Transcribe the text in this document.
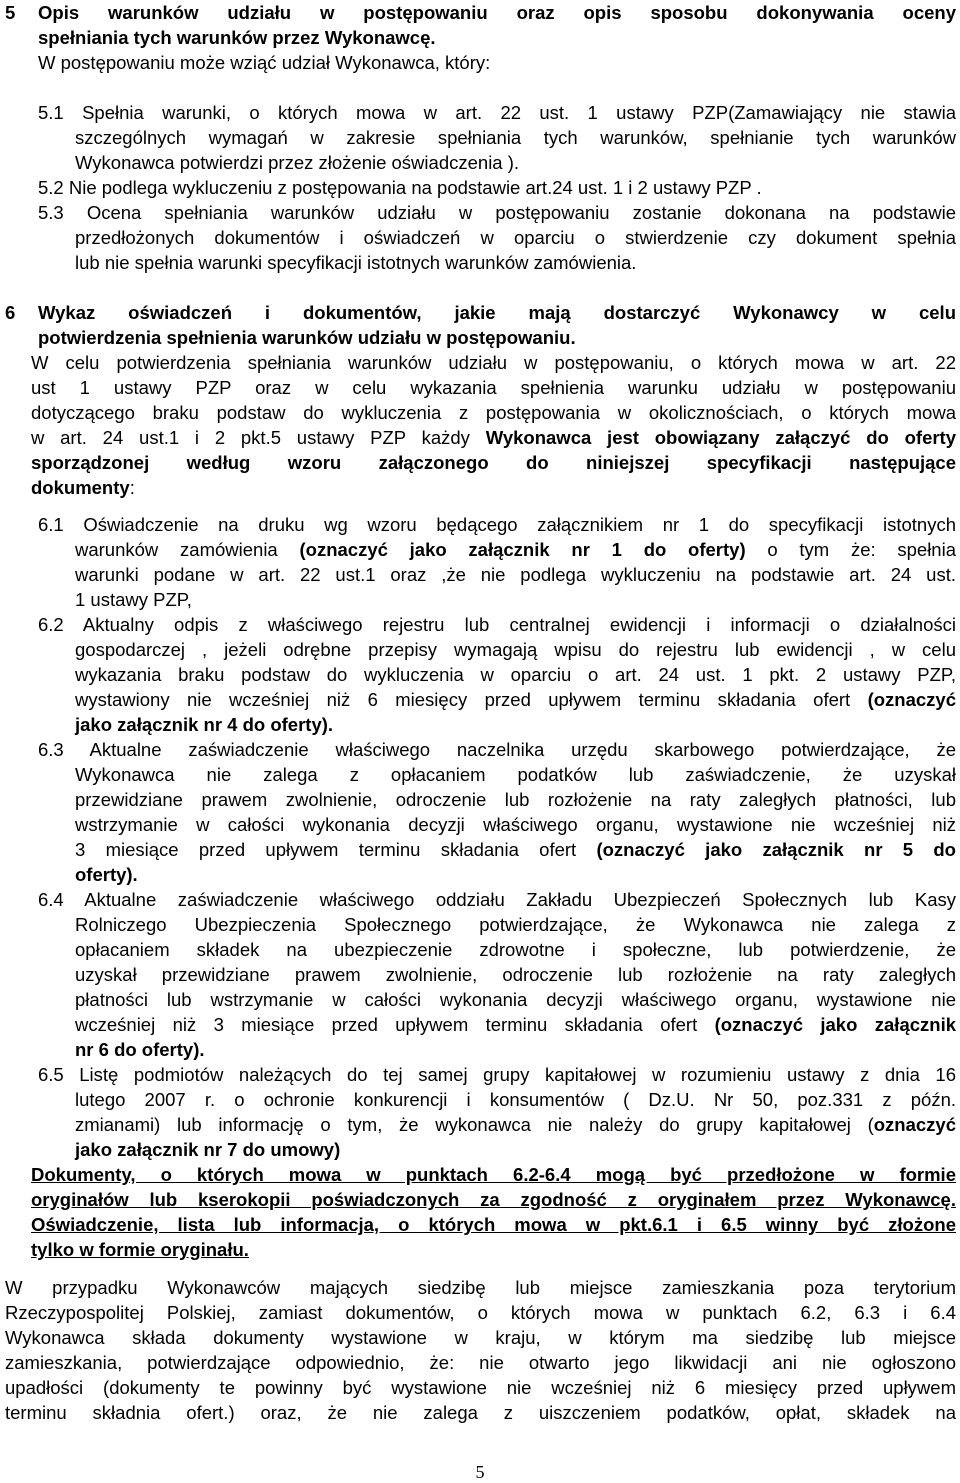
5 Opis warunków udziału w postępowaniu oraz opis sposobu dokonywania oceny
spełniania tych warunków przez Wykonawcę.
W postępowaniu może wziąć udział Wykonawca, który:
5.1 Spełnia warunki, o których mowa w art. 22 ust. 1 ustawy PZP(Zamawiający nie stawia
szczególnych wymagań w zakresie spełniania tych warunków, spełnianie tych warunków
Wykonawca potwierdzi przez złożenie oświadczenia ).
5.2 Nie podlega wykluczeniu z postępowania na podstawie art.24 ust. 1 i 2 ustawy PZP .
5.3 Ocena spełniania warunków udziału w postępowaniu zostanie dokonana na podstawie
przedłożonych dokumentów i oświadczeń w oparciu o stwierdzenie czy dokument spełnia
lub nie spełnia warunki specyfikacji istotnych warunków zamówienia.
6 Wykaz oświadczeń i dokumentów, jakie mają dostarczyć Wykonawcy w celu
potwierdzenia spełnienia warunków udziału w postępowaniu.
W celu potwierdzenia spełniania warunków udziału w postępowaniu, o których mowa w art. 22
ust 1 ustawy PZP oraz w celu wykazania spełnienia warunku udziału w postępowaniu
dotyczącego braku podstaw do wykluczenia z postępowania w okolicznościach, o których mowa
w art. 24 ust.1 i 2 pkt.5 ustawy PZP każdy Wykonawca jest obowiązany załączyć do oferty
sporządzonej według wzoru załączonego do niniejszej specyfikacji następujące
dokumenty:
6.1 Oświadczenie na druku wg wzoru będącego załącznikiem nr 1 do specyfikacji istotnych
warunków zamówienia (oznaczyć jako załącznik nr 1 do oferty) o tym że: spełnia
warunki podane w art. 22 ust.1 oraz ,że nie podlega wykluczeniu na podstawie art. 24 ust.
1 ustawy PZP,
6.2 Aktualny odpis z właściwego rejestru lub centralnej ewidencji i informacji o działalności
gospodarczej , jeżeli odrębne przepisy wymagają wpisu do rejestru lub ewidencji , w celu
wykazania braku podstaw do wykluczenia w oparciu o art. 24 ust. 1 pkt. 2 ustawy PZP,
wystawiony nie wcześniej niż 6 miesięcy przed upływem terminu składania ofert (oznaczyć
jako załącznik nr 4 do oferty).
6.3 Aktualne zaświadczenie właściwego naczelnika urzędu skarbowego potwierdzające, że
Wykonawca nie zalega z opłacaniem podatków lub zaświadczenie, że uzyskał
przewidziane prawem zwolnienie, odroczenie lub rozłożenie na raty zaległych płatności, lub
wstrzymanie w całości wykonania decyzji właściwego organu, wystawione nie wcześniej niż
3 miesiące przed upływem terminu składania ofert (oznaczyć jako załącznik nr 5 do
oferty).
6.4 Aktualne zaświadczenie właściwego oddziału Zakładu Ubezpieczeń Społecznych lub Kasy
Rolniczego Ubezpieczenia Społecznego potwierdzające, że Wykonawca nie zalega z
opłacaniem składek na ubezpieczenie zdrowotne i społeczne, lub potwierdzenie, że
uzyskał przewidziane prawem zwolnienie, odroczenie lub rozłożenie na raty zaległych
płatności lub wstrzymanie w całości wykonania decyzji właściwego organu, wystawione nie
wcześniej niż 3 miesiące przed upływem terminu składania ofert (oznaczyć jako załącznik
nr 6 do oferty).
6.5 Listę podmiotów należących do tej samej grupy kapitałowej w rozumieniu ustawy z dnia 16
lutego 2007 r. o ochronie konkurencji i konsumentów ( Dz.U. Nr 50, poz.331 z późn.
zmianami) lub informację o tym, że wykonawca nie należy do grupy kapitałowej (oznaczyć
jako załącznik nr 7 do umowy)
Dokumenty, o których mowa w punktach 6.2-6.4 mogą być przedłożone w formie
oryginałów lub kserokopii poświadczonych za zgodność z oryginałem przez Wykonawcę.
Oświadczenie, lista lub informacja, o których mowa w pkt.6.1 i 6.5 winny być złożone
tylko w formie oryginału.
W przypadku Wykonawców mających siedzibę lub miejsce zamieszkania poza terytorium
Rzeczypospolitej Polskiej, zamiast dokumentów, o których mowa w punktach 6.2, 6.3 i 6.4
Wykonawca składa dokumenty wystawione w kraju, w którym ma siedzibę lub miejsce
zamieszkania, potwierdzające odpowiednio, że: nie otwarto jego likwidacji ani nie ogłoszono
upadłości (dokumenty te powinny być wystawione nie wcześniej niż 6 miesięcy przed upływem
terminu składnia ofert.) oraz, że nie zalega z uiszczeniem podatków, opłat, składek na
5
